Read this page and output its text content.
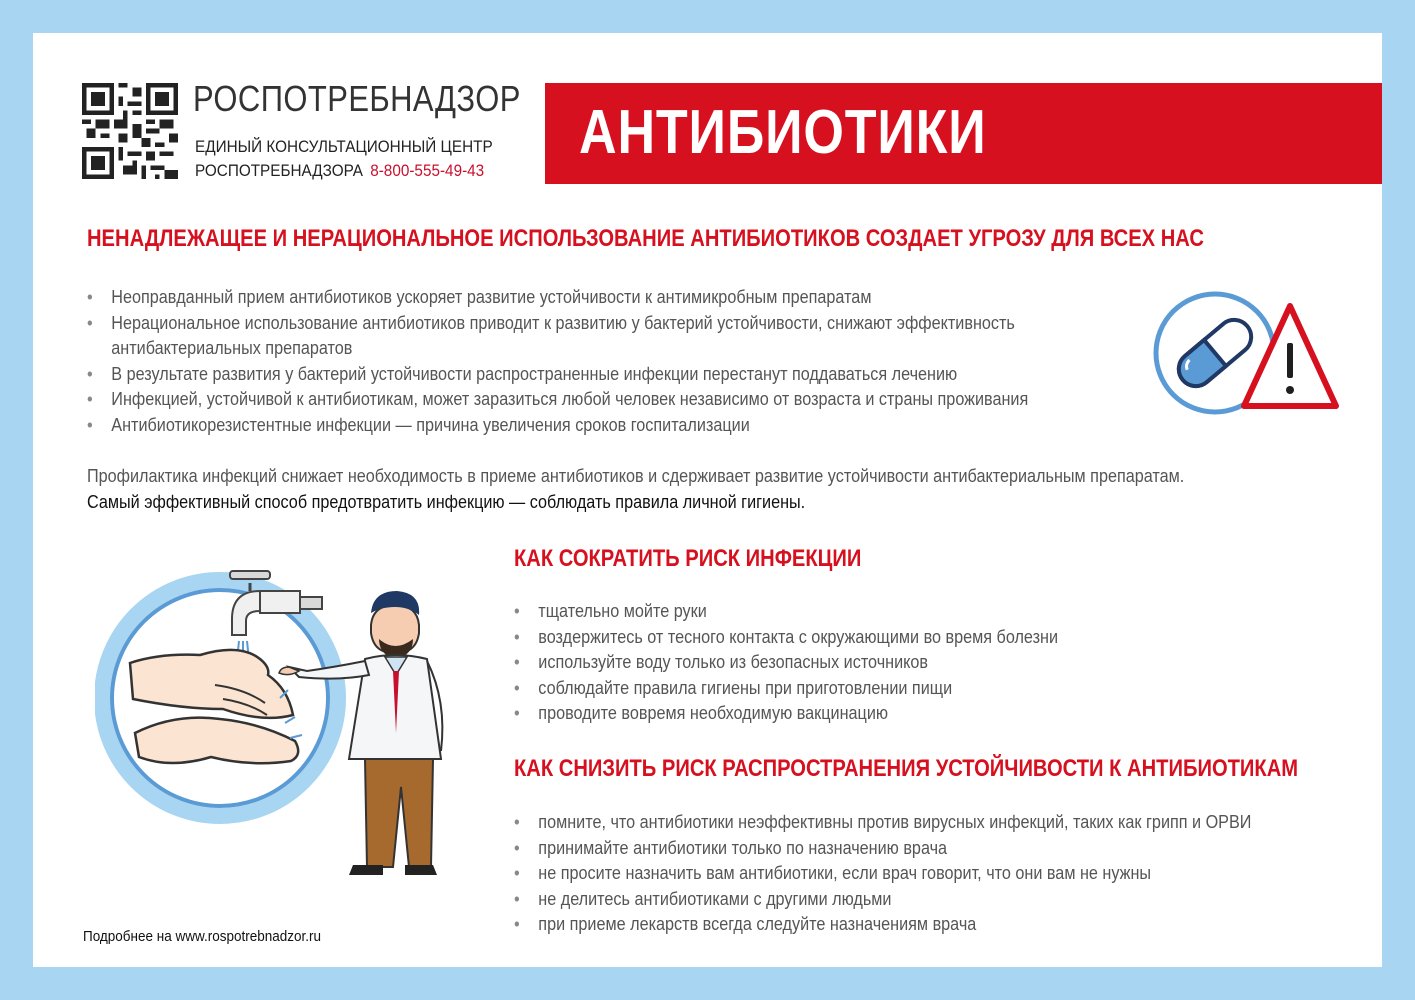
РОСПОТРЕБНАДЗОР
ЕДИНЫЙ КОНСУЛЬТАЦИОННЫЙ ЦЕНТР
РОСПОТРЕБНАДЗОРА 8-800-555-49-43
АНТИБИОТИКИ
НЕНАДЛЕЖАЩЕЕ И НЕРАЦИОНАЛЬНОЕ ИСПОЛЬЗОВАНИЕ АНТИБИОТИКОВ СОЗДАЕТ УГРОЗУ ДЛЯ ВСЕХ НАС
• Неоправданный прием антибиотиков ускоряет развитие устойчивости к антимикробным препаратам
• Нерациональное использование антибиотиков приводит к развитию у бактерий устойчивости, снижают эффективность
антибактериальных препаратов
• В результате развития у бактерий устойчивости распространенные инфекции перестанут поддаваться лечению
• Инфекцией, устойчивой к антибиотикам, может заразиться любой человек независимо от возраста и страны проживания
• Антибиотикорезистентные инфекции — причина увеличения сроков госпитализации
Профилактика инфекций снижает необходимость в приеме антибиотиков и сдерживает развитие устойчивости антибактериальным препаратам.
Самый эффективный способ предотвратить инфекцию — соблюдать правила личной гигиены.
КАК СОКРАТИТЬ РИСК ИНФЕКЦИИ
• тщательно мойте руки
• воздержитесь от тесного контакта с окружающими во время болезни
• используйте воду только из безопасных источников
• соблюдайте правила гигиены при приготовлении пищи
• проводите вовремя необходимую вакцинацию
КАК СНИЗИТЬ РИСК РАСПРОСТРАНЕНИЯ УСТОЙЧИВОСТИ К АНТИБИОТИКАМ
• помните, что антибиотики неэффективны против вирусных инфекций, таких как грипп и ОРВИ
• принимайте антибиотики только по назначению врача
• не просите назначить вам антибиотики, если врач говорит, что они вам не нужны
• не делитесь антибиотиками с другими людьми
• при приеме лекарств всегда следуйте назначениям врача
Подробнее на www.rospotrebnadzor.ru
